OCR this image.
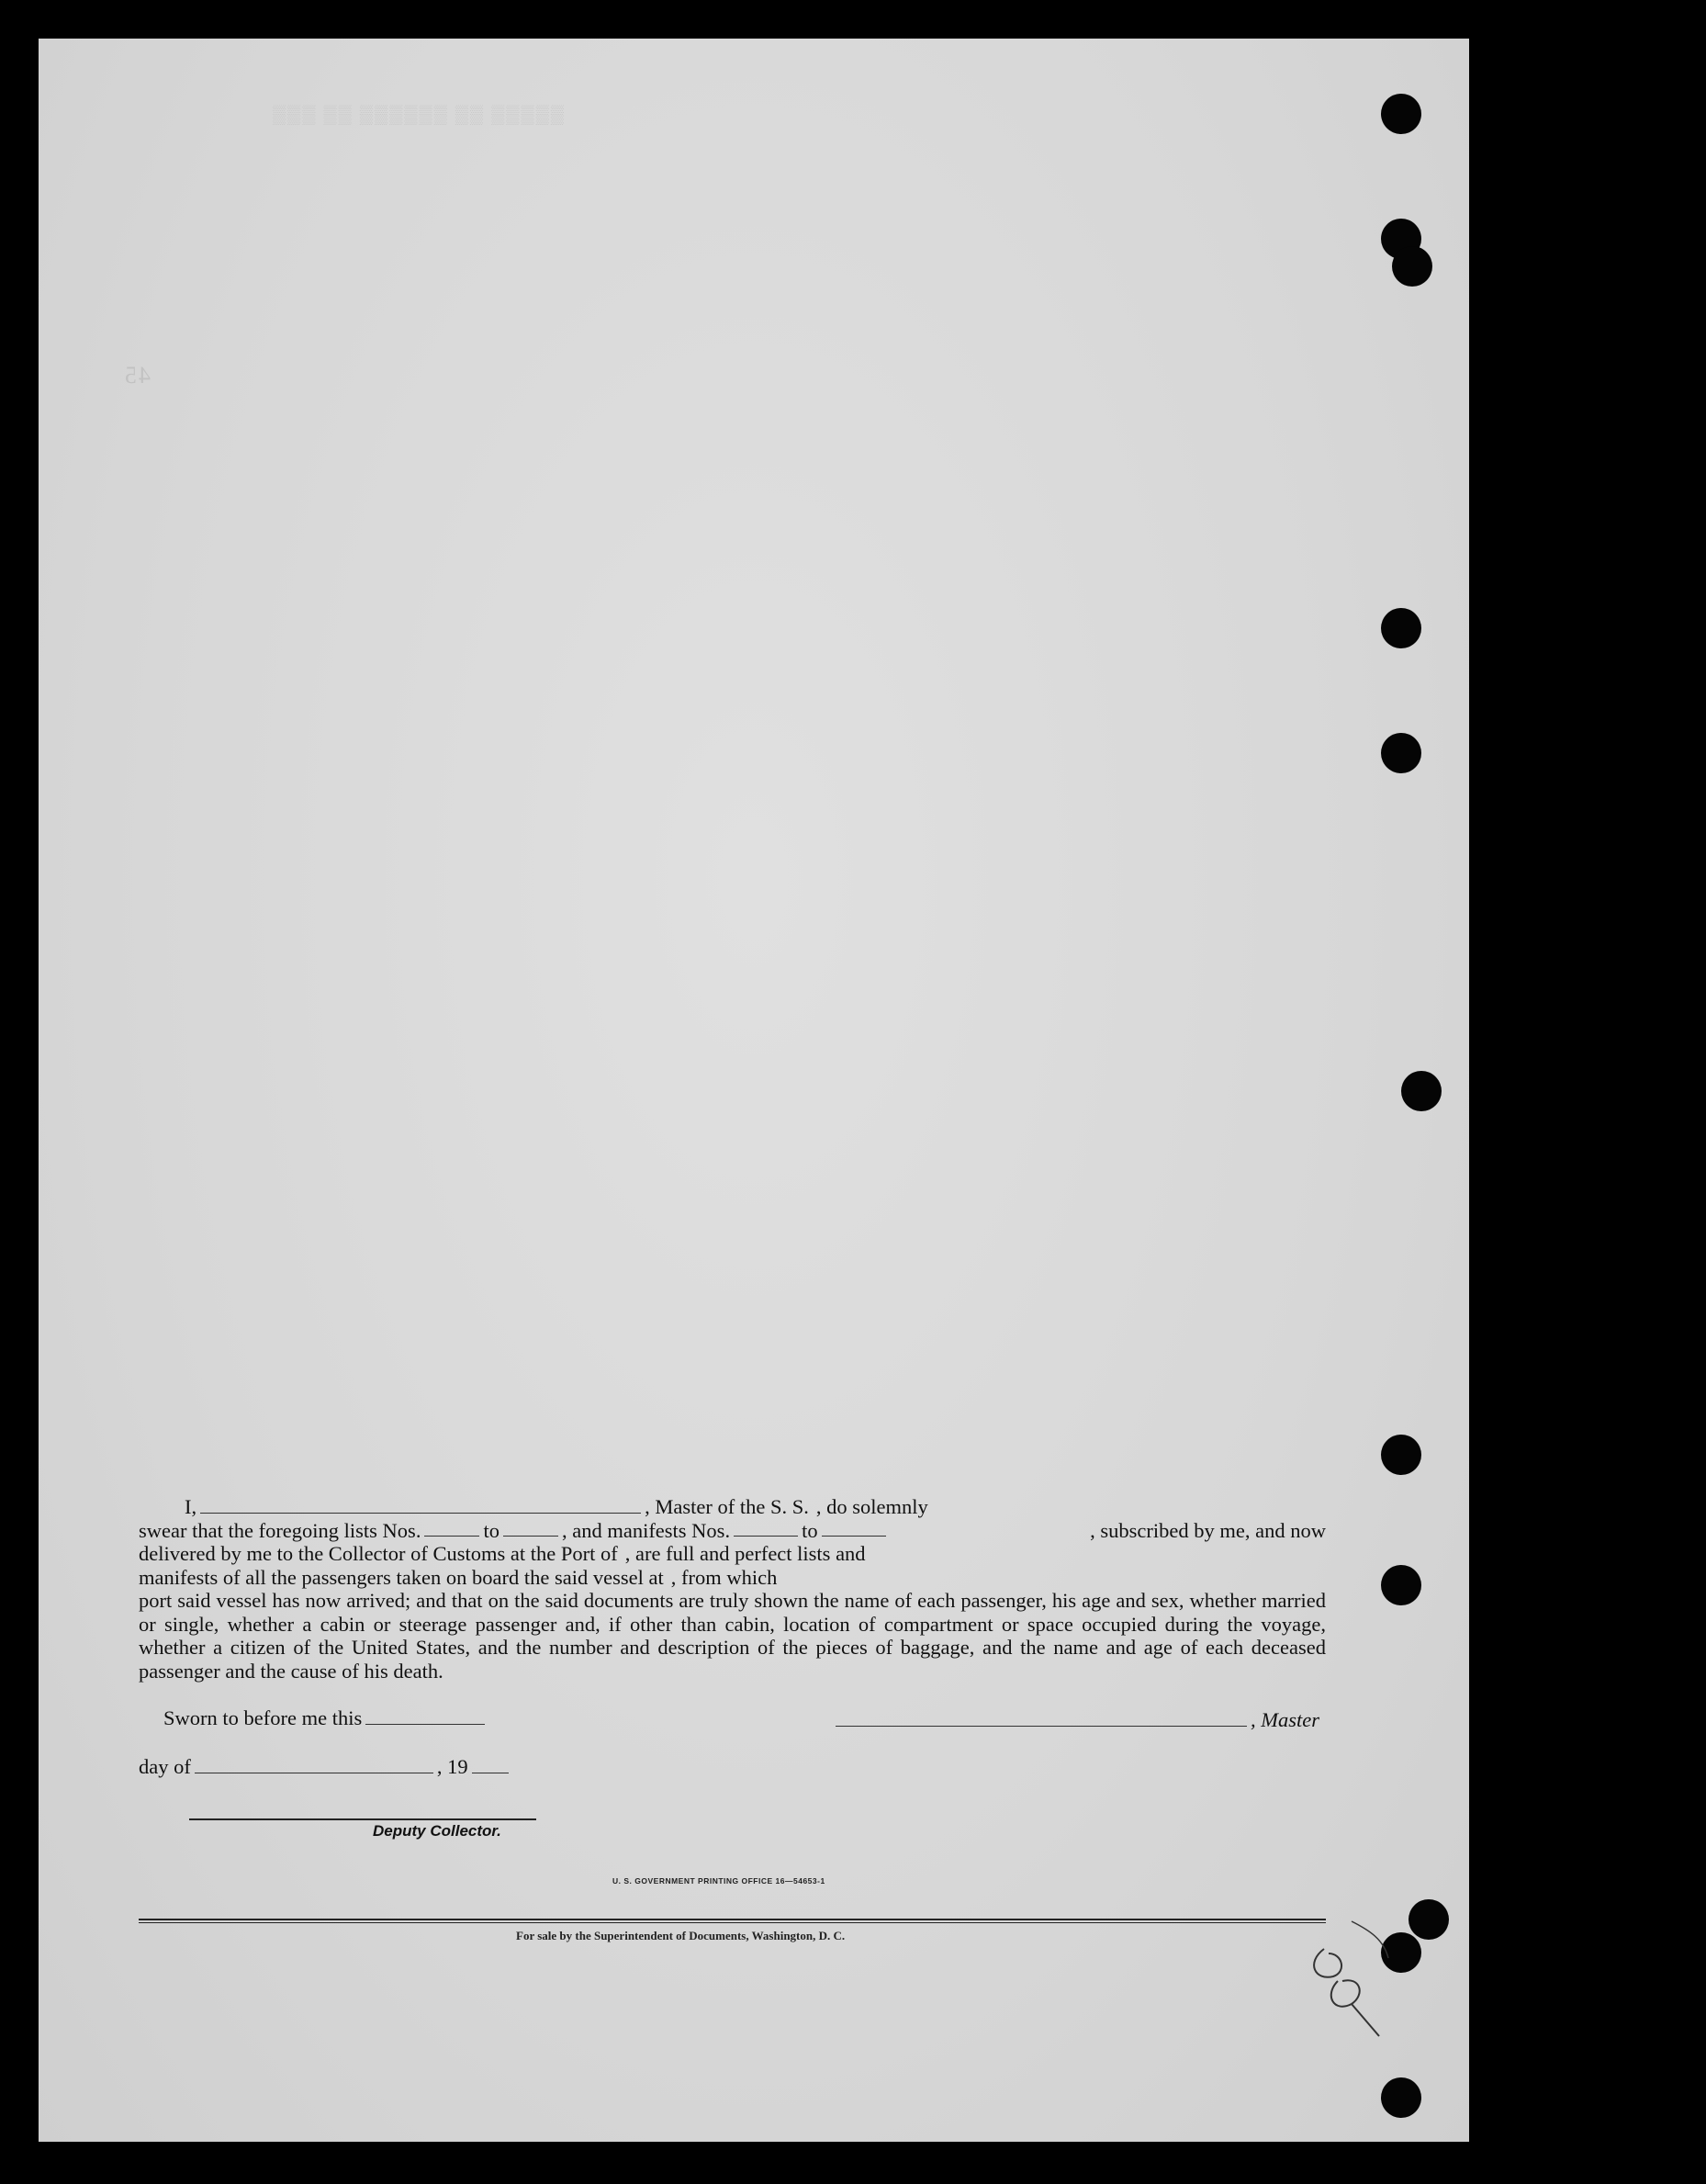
▒▒▒ ▒▒ ▒▒▒▒▒▒ ▒▒ ▒▒▒▒▒
45
I,	, Master of the S. S. , do solemnly
swear that the foregoing lists Nos.	to	, and manifests Nos.	to	, subscribed by me, and now
delivered by me to the Collector of Customs at the Port of , are full and perfect lists and
manifests of all the passengers taken on board the said vessel at , from which
port said vessel has now arrived; and that on the said documents are truly shown the name of each passenger, his age and sex, whether married or single, whether a cabin or steerage passenger and, if other than cabin, location of compartment or space occupied during the voyage, whether a citizen of the United States, and the number and description of the pieces of baggage, and the name and age of each deceased passenger and the cause of his death.
Sworn to before me this	, Master
day of	, 19
Deputy Collector.
U. S. GOVERNMENT PRINTING OFFICE 16—54653-1
For sale by the Superintendent of Documents, Washington, D. C.
